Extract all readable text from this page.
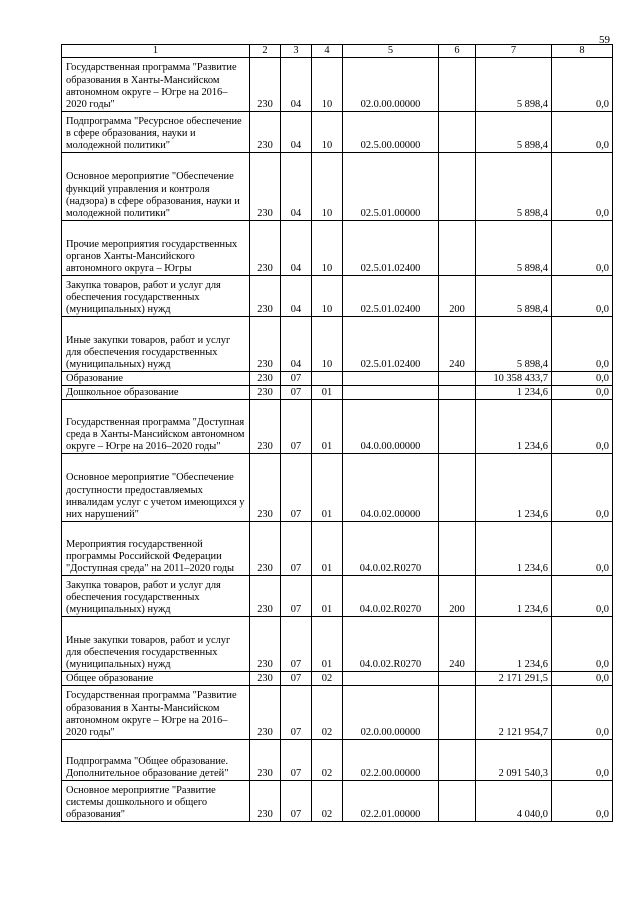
59
1	2	3	4	5	6	7	8
Государственная программа "Развитие образования в Ханты-Мансийском автономном округе – Югре на 2016–2020 годы"	230	04	10	02.0.00.00000		5 898,4	0,0
Подпрограмма "Ресурсное обеспечение в сфере образования, науки и молодежной политики"	230	04	10	02.5.00.00000		5 898,4	0,0
Основное мероприятие "Обеспечение функций управления и контроля (надзора) в сфере образования, науки и молодежной политики"	230	04	10	02.5.01.00000		5 898,4	0,0
Прочие мероприятия государственных органов Ханты-Мансийского автономного округа – Югры	230	04	10	02.5.01.02400		5 898,4	0,0
Закупка товаров, работ и услуг для обеспечения государственных (муниципальных) нужд	230	04	10	02.5.01.02400	200	5 898,4	0,0
Иные закупки товаров, работ и услуг для обеспечения государственных (муниципальных) нужд	230	04	10	02.5.01.02400	240	5 898,4	0,0
Образование	230	07				10 358 433,7	0,0
Дошкольное образование	230	07	01			1 234,6	0,0
Государственная программа "Доступная среда в Ханты-Мансийском автономном округе – Югре на 2016–2020 годы"	230	07	01	04.0.00.00000		1 234,6	0,0
Основное мероприятие "Обеспечение доступности предоставляемых инвалидам услуг с учетом имеющихся у них нарушений"	230	07	01	04.0.02.00000		1 234,6	0,0
Мероприятия государственной программы Российской Федерации "Доступная среда" на 2011–2020 годы	230	07	01	04.0.02.R0270		1 234,6	0,0
Закупка товаров, работ и услуг для обеспечения государственных (муниципальных) нужд	230	07	01	04.0.02.R0270	200	1 234,6	0,0
Иные закупки товаров, работ и услуг для обеспечения государственных (муниципальных) нужд	230	07	01	04.0.02.R0270	240	1 234,6	0,0
Общее образование	230	07	02			2 171 291,5	0,0
Государственная программа "Развитие образования в Ханты-Мансийском автономном округе – Югре на 2016–2020 годы"	230	07	02	02.0.00.00000		2 121 954,7	0,0
Подпрограмма "Общее образование. Дополнительное образование детей"	230	07	02	02.2.00.00000		2 091 540,3	0,0
Основное мероприятие "Развитие системы дошкольного и общего образования"	230	07	02	02.2.01.00000		4 040,0	0,0
